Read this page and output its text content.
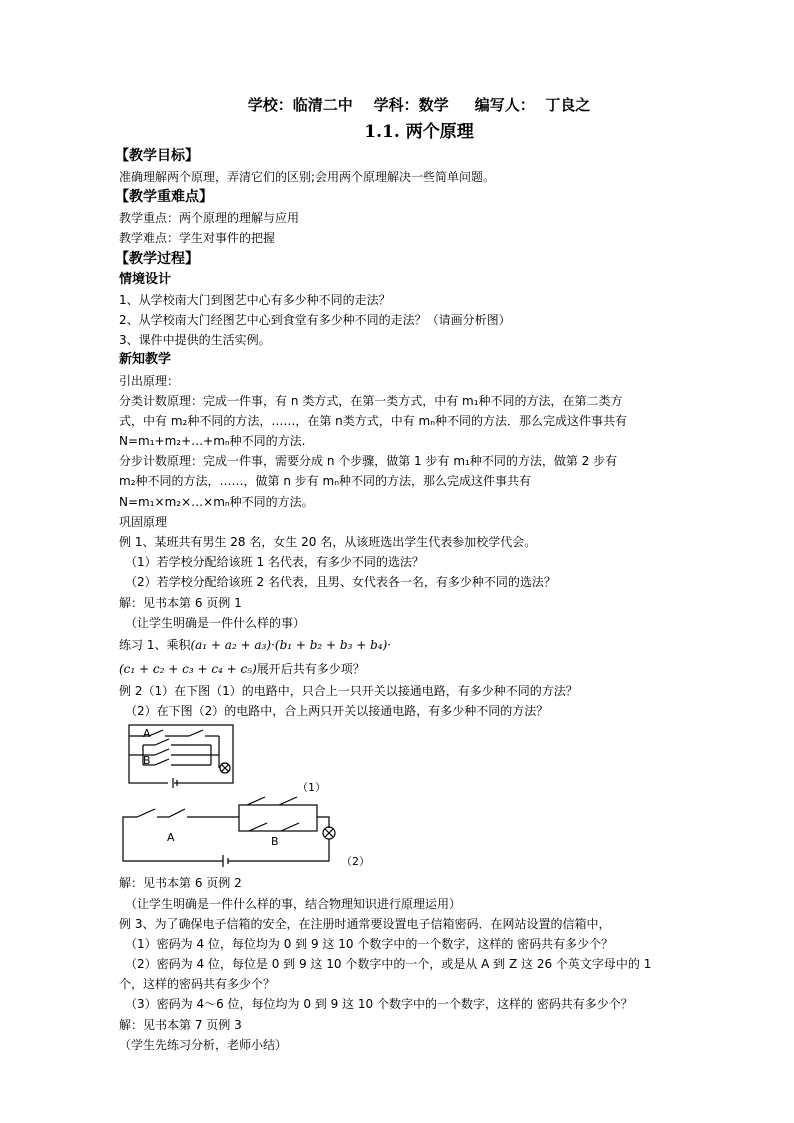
学校：临清二中    学科：数学     编写人：  丁良之
1.1. 两个原理
【教学目标】
准确理解两个原理，弄清它们的区别;会用两个原理解决一些简单问题。
【教学重难点】
教学重点：两个原理的理解与应用
教学难点：学生对事件的把握
【教学过程】
情境设计
1、从学校南大门到图艺中心有多少种不同的走法？
2、从学校南大门经图艺中心到食堂有多少种不同的走法？（请画分析图）
3、课件中提供的生活实例。
新知教学
引出原理：
分类计数原理：完成一件事，有 n 类方式，在第一类方式，中有 m₁种不同的方法，在第二类方
式，中有 m₂种不同的方法，……，在第 n类方式，中有 mₙ种不同的方法．那么完成这件事共有
N=m₁+m₂+…+mₙ种不同的方法.
分步计数原理：完成一件事，需要分成 n 个步骤，做第 1 步有 m₁种不同的方法，做第 2 步有
m₂种不同的方法，……，做第 n 步有 mₙ种不同的方法，那么完成这件事共有
N=m₁×m₂×…×mₙ种不同的方法。
巩固原理
例 1、某班共有男生 28 名，女生 20 名，从该班选出学生代表参加校学代会。
（1）若学校分配给该班 1 名代表，有多少不同的选法？
（2）若学校分配给该班 2 名代表，且男、女代表各一名，有多少种不同的选法？
解：见书本第 6 页例 1
（让学生明确是一件什么样的事）
练习 1、乘积(a₁ + a₂ + a₃)·(b₁ + b₂ + b₃ + b₄)·
(c₁ + c₂ + c₃ + c₄ + c₅)展开后共有多少项？
例 2（1）在下图（1）的电路中，只合上一只开关以接通电路，有多少种不同的方法？
（2）在下图（2）的电路中，合上两只开关以接通电路，有多少种不同的方法？
A
B
（1）
A	B
（2）
解：见书本第 6 页例 2
（让学生明确是一件什么样的事，结合物理知识进行原理运用）
例 3、为了确保电子信箱的安全，在注册时通常要设置电子信箱密码．在网站设置的信箱中，
（1）密码为 4 位，每位均为 0 到 9 这 10 个数字中的一个数字，这样的 密码共有多少个？
（2）密码为 4 位，每位是 0 到 9 这 10 个数字中的一个，或是从 A 到 Z 这 26 个英文字母中的 1
个，这样的密码共有多少个？
（3）密码为 4～6 位，每位均为 0 到 9 这 10 个数字中的一个数字，这样的 密码共有多少个？
解：见书本第 7 页例 3
（学生先练习分析，老师小结）
